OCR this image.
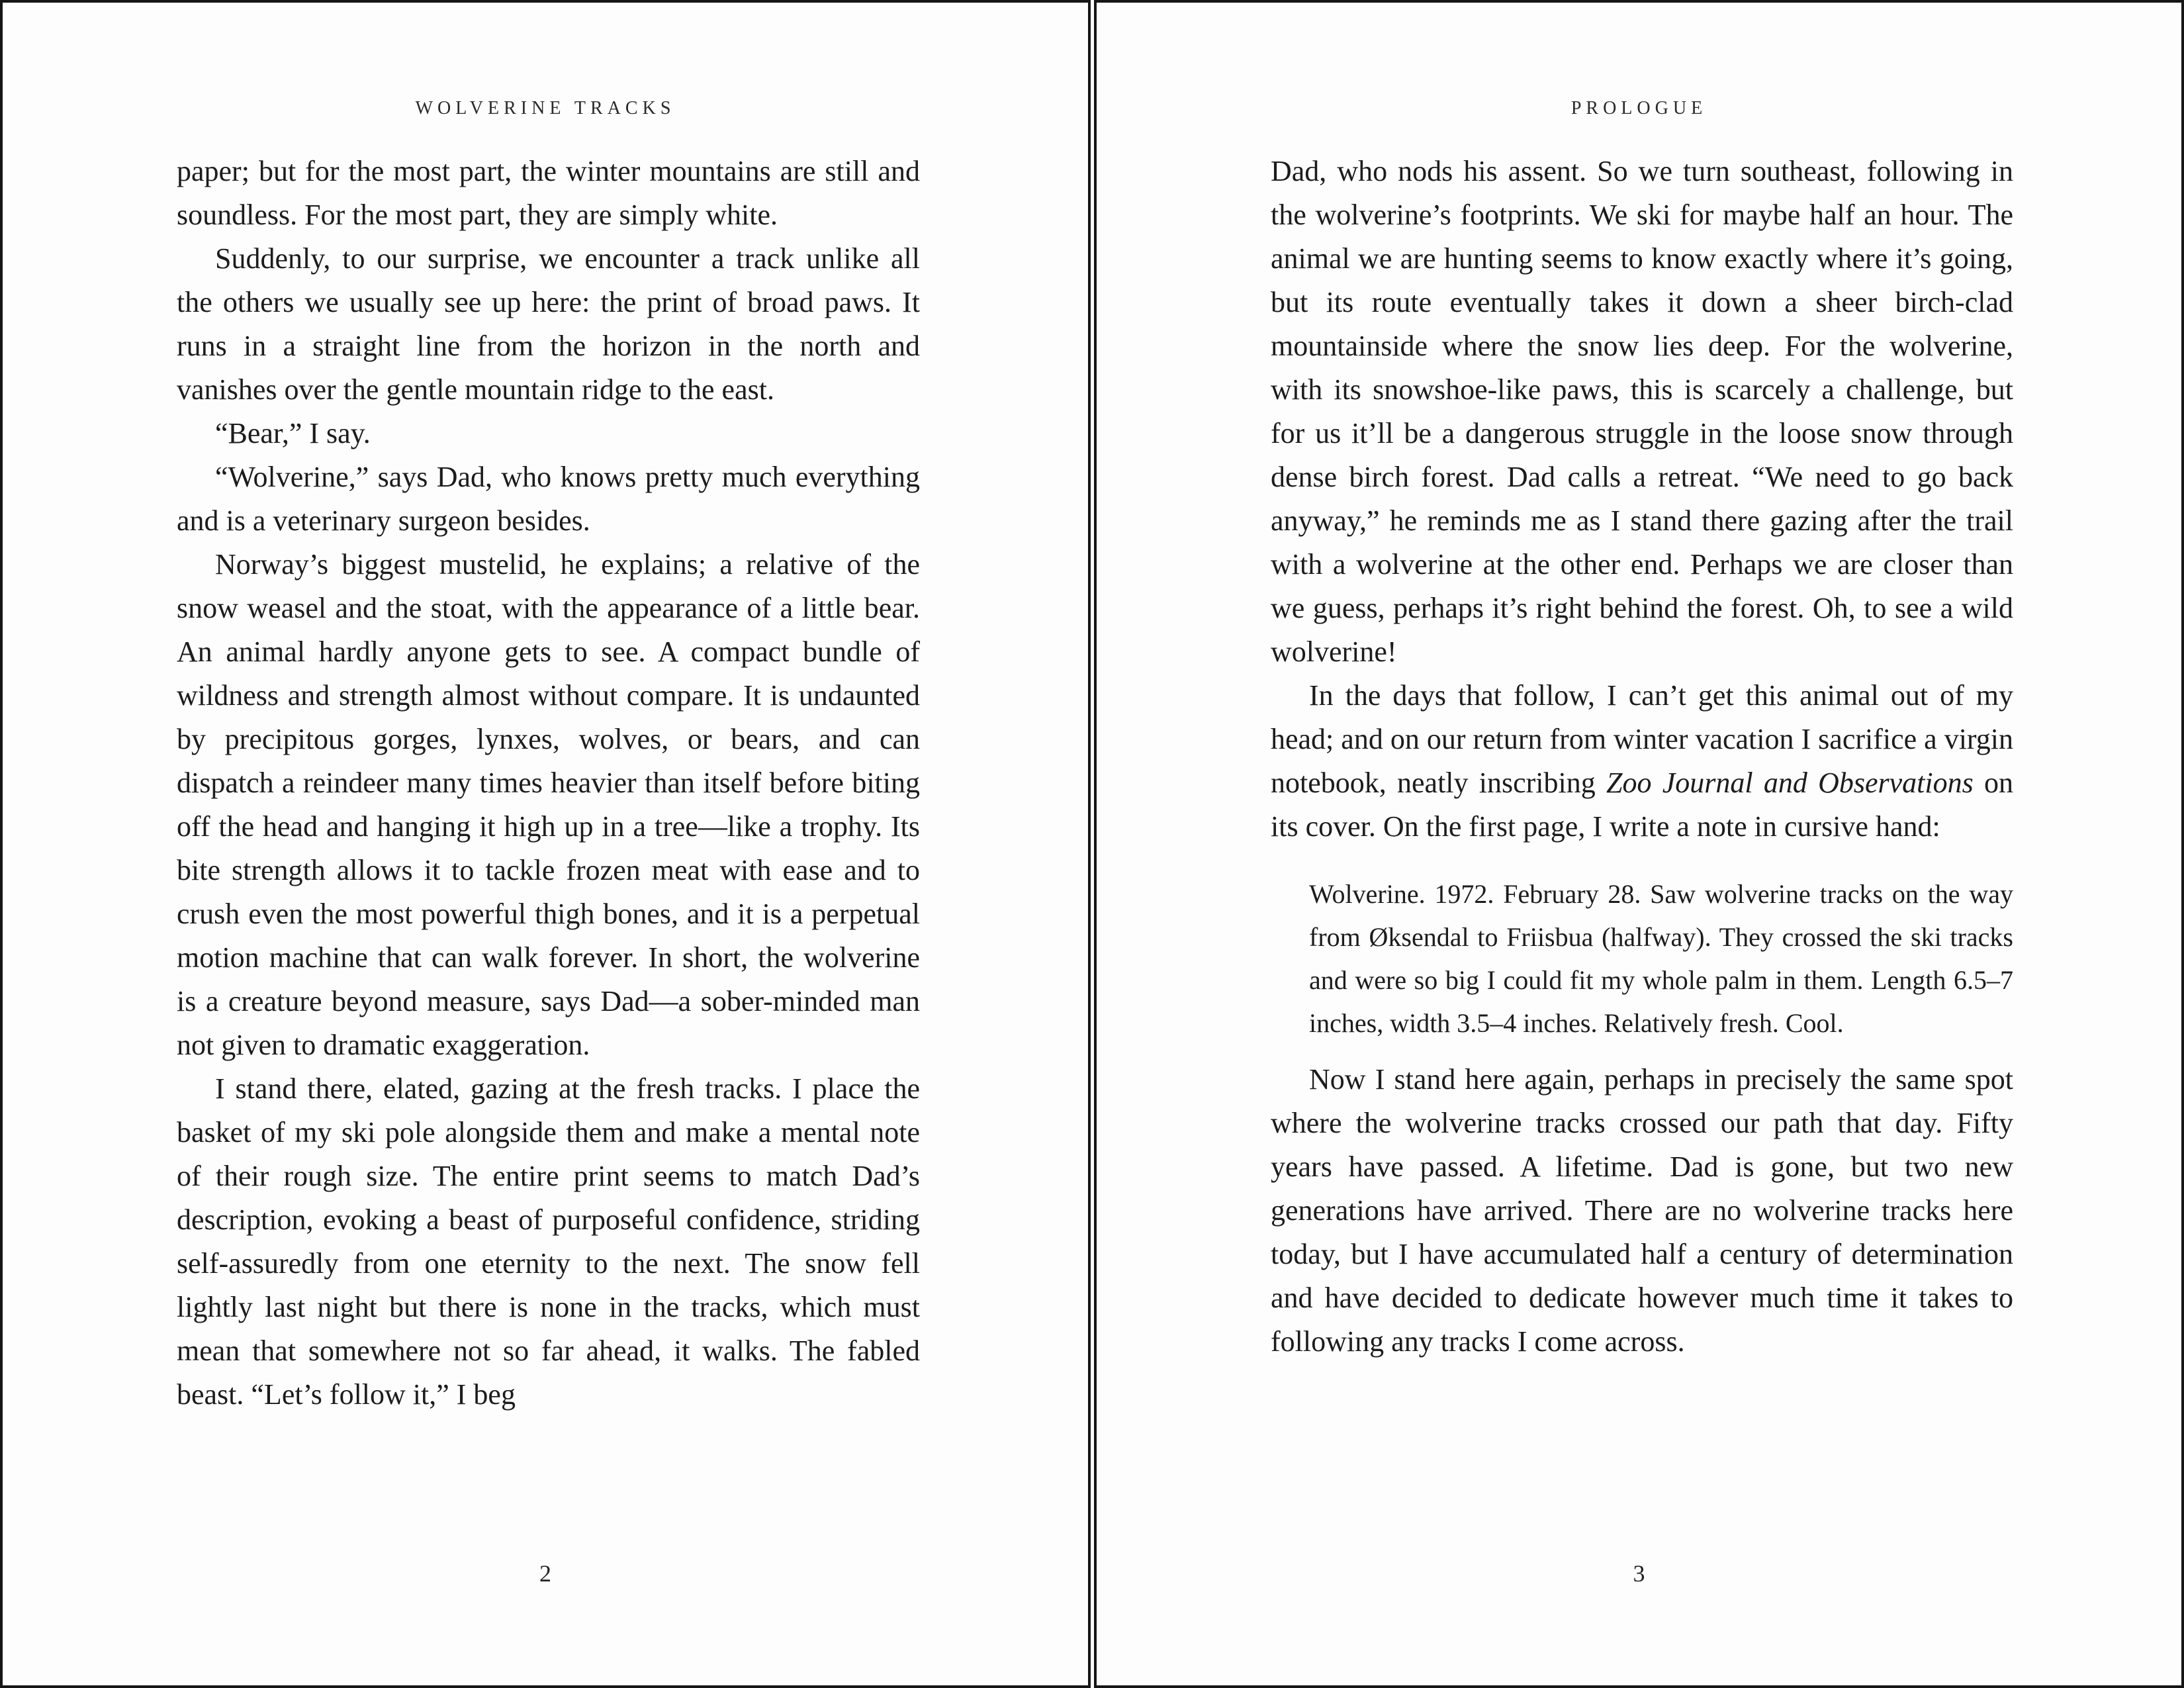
WOLVERINE TRACKS

paper; but for the most part, the winter mountains are still and soundless. For the most part, they are simply white.

Suddenly, to our surprise, we encounter a track unlike all the others we usually see up here: the print of broad paws. It runs in a straight line from the horizon in the north and vanishes over the gentle mountain ridge to the east.

“Bear,” I say.

“Wolverine,” says Dad, who knows pretty much everything and is a veterinary surgeon besides.

Norway’s biggest mustelid, he explains; a relative of the snow weasel and the stoat, with the appearance of a little bear. An animal hardly anyone gets to see. A compact bundle of wildness and strength almost without compare. It is undaunted by precipitous gorges, lynxes, wolves, or bears, and can dispatch a reindeer many times heavier than itself before biting off the head and hanging it high up in a tree—like a trophy. Its bite strength allows it to tackle frozen meat with ease and to crush even the most powerful thigh bones, and it is a perpetual motion machine that can walk forever. In short, the wolverine is a creature beyond measure, says Dad—a sober-minded man not given to dramatic exaggeration.

I stand there, elated, gazing at the fresh tracks. I place the basket of my ski pole alongside them and make a mental note of their rough size. The entire print seems to match Dad’s description, evoking a beast of purposeful confidence, striding self-assuredly from one eternity to the next. The snow fell lightly last night but there is none in the tracks, which must mean that somewhere not so far ahead, it walks. The fabled beast. “Let’s follow it,” I beg

2
PROLOGUE

Dad, who nods his assent. So we turn southeast, following in the wolverine’s footprints. We ski for maybe half an hour. The animal we are hunting seems to know exactly where it’s going, but its route eventually takes it down a sheer birch-clad mountainside where the snow lies deep. For the wolverine, with its snowshoe-like paws, this is scarcely a challenge, but for us it’ll be a dangerous struggle in the loose snow through dense birch forest. Dad calls a retreat. “We need to go back anyway,” he reminds me as I stand there gazing after the trail with a wolverine at the other end. Perhaps we are closer than we guess, perhaps it’s right behind the forest. Oh, to see a wild wolverine!

In the days that follow, I can’t get this animal out of my head; and on our return from winter vacation I sacrifice a virgin notebook, neatly inscribing Zoo Journal and Observations on its cover. On the first page, I write a note in cursive hand:

Wolverine. 1972. February 28. Saw wolverine tracks on the way from Øksendal to Friisbua (halfway). They crossed the ski tracks and were so big I could fit my whole palm in them. Length 6.5–7 inches, width 3.5–4 inches. Relatively fresh. Cool.

Now I stand here again, perhaps in precisely the same spot where the wolverine tracks crossed our path that day. Fifty years have passed. A lifetime. Dad is gone, but two new generations have arrived. There are no wolverine tracks here today, but I have accumulated half a century of determination and have decided to dedicate however much time it takes to following any tracks I come across.

3
